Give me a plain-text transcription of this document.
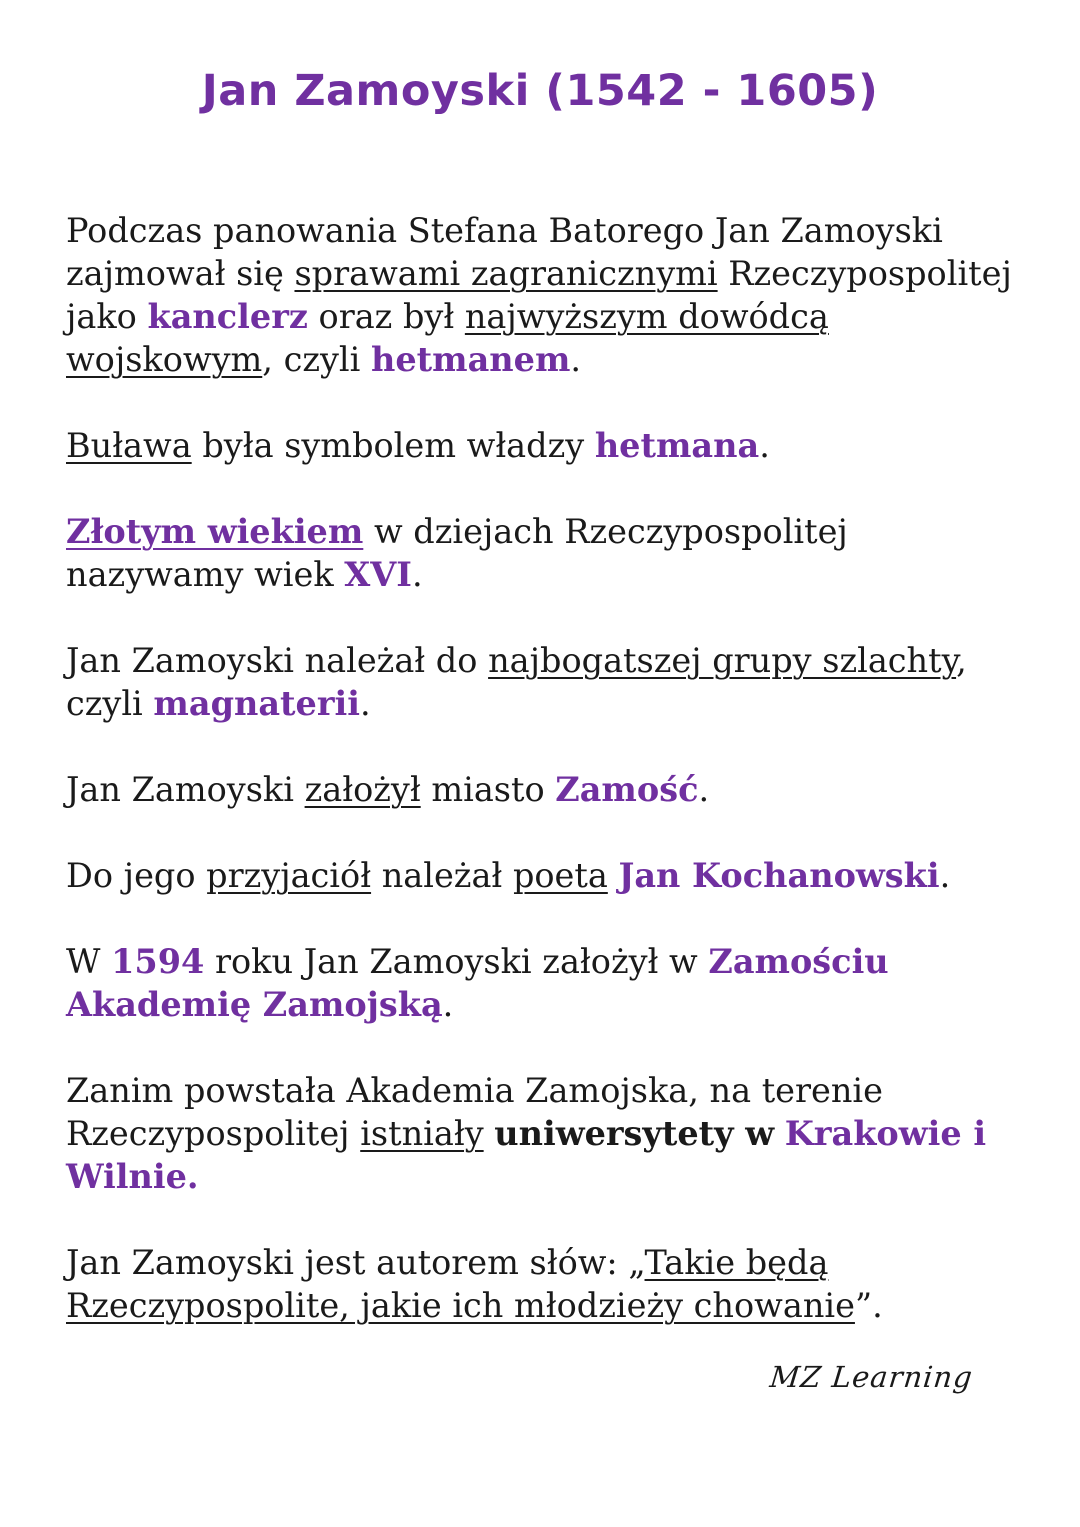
Jan Zamoyski (1542 - 1605)

Podczas panowania Stefana Batorego Jan Zamoyski zajmował się sprawami zagranicznymi Rzeczypospolitej jako kanclerz oraz był najwyższym dowódcą wojskowym, czyli hetmanem.

Buława była symbolem władzy hetmana.

Złotym wiekiem w dziejach Rzeczypospolitej nazywamy wiek XVI.

Jan Zamoyski należał do najbogatszej grupy szlachty, czyli magnaterii.

Jan Zamoyski założył miasto Zamość.

Do jego przyjaciół należał poeta Jan Kochanowski.

W 1594 roku Jan Zamoyski założył w Zamościu Akademię Zamojską.

Zanim powstała Akademia Zamojska, na terenie Rzeczypospolitej istniały uniwersytety w Krakowie i Wilnie.

Jan Zamoyski jest autorem słów: „Takie będą Rzeczypospolite, jakie ich młodzieży chowanie”.

MZ Learning
